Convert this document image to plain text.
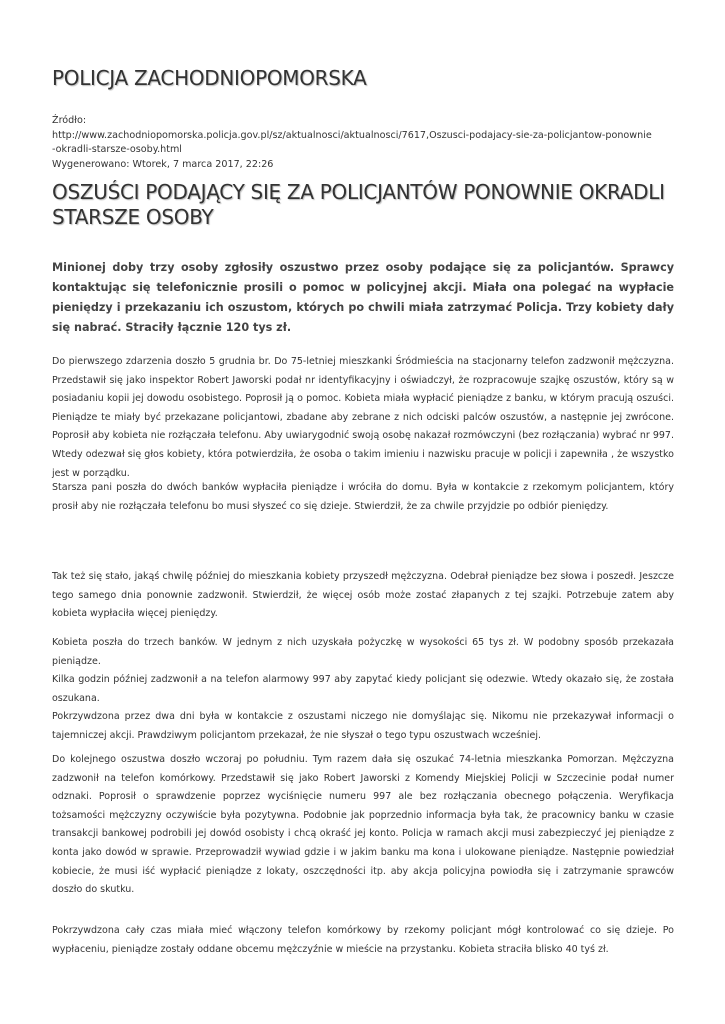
POLICJA ZACHODNIOPOMORSKA
Źródło:
http://www.zachodniopomorska.policja.gov.pl/sz/aktualnosci/aktualnosci/7617,Oszusci-podajacy-sie-za-policjantow-ponownie
-okradli-starsze-osoby.html
Wygenerowano: Wtorek, 7 marca 2017, 22:26
OSZUŚCI PODAJĄCY SIĘ ZA POLICJANTÓW PONOWNIE OKRADLI STARSZE OSOBY

Minionej doby trzy osoby zgłosiły oszustwo przez osoby podające się za policjantów. Sprawcy kontaktując się telefonicznie prosili o pomoc w policyjnej akcji. Miała ona polegać na wypłacie pieniędzy i przekazaniu ich oszustom, których po chwili miała zatrzymać Policja. Trzy kobiety dały się nabrać. Straciły łącznie 120 tys zł.

Do pierwszego zdarzenia doszło 5 grudnia br. Do 75-letniej mieszkanki Śródmieścia na stacjonarny telefon zadzwonił mężczyzna. Przedstawił się jako inspektor Robert Jaworski podał nr identyfikacyjny i oświadczył, że rozpracowuje szajkę oszustów, który są w posiadaniu kopii jej dowodu osobistego. Poprosił ją o pomoc. Kobieta miała wypłacić pieniądze z banku, w którym pracują oszuści. Pieniądze te miały być przekazane policjantowi, zbadane aby zebrane z nich odciski palców oszustów, a następnie jej zwrócone. Poprosił aby kobieta nie rozłączała telefonu. Aby uwiarygodnić swoją osobę nakazał rozmówczyni (bez rozłączania) wybrać nr 997. Wtedy odezwał się głos kobiety, która potwierdziła, że osoba o takim imieniu i nazwisku pracuje w policji i zapewniła , że wszystko jest w porządku.

Starsza pani poszła do dwóch banków wypłaciła pieniądze i wróciła do domu. Była w kontakcie z rzekomym policjantem, który prosił aby nie rozłączała telefonu bo musi słyszeć co się dzieje. Stwierdził, że za chwile przyjdzie po odbiór pieniędzy.

Tak też się stało, jakąś chwilę później do mieszkania kobiety przyszedł mężczyzna. Odebrał pieniądze bez słowa i poszedł. Jeszcze tego samego dnia ponownie zadzwonił. Stwierdził, że więcej osób może zostać złapanych z tej szajki. Potrzebuje zatem aby kobieta wypłaciła więcej pieniędzy.

Kobieta poszła do trzech banków. W jednym z nich uzyskała pożyczkę w wysokości 65 tys zł. W podobny sposób przekazała pieniądze.
Kilka godzin później zadzwonił a na telefon alarmowy 997 aby zapytać kiedy policjant się odezwie. Wtedy okazało się, że została oszukana.
Pokrzywdzona przez dwa dni była w kontakcie z oszustami niczego nie domyślając się. Nikomu nie przekazywał informacji o tajemniczej akcji. Prawdziwym policjantom przekazał, że nie słyszał o tego typu oszustwach wcześniej.

Do kolejnego oszustwa doszło wczoraj po południu. Tym razem dała się oszukać 74-letnia mieszkanka Pomorzan. Mężczyzna zadzwonił na telefon komórkowy. Przedstawił się jako Robert Jaworski z Komendy Miejskiej Policji w Szczecinie podał numer odznaki. Poprosił o sprawdzenie poprzez wyciśnięcie numeru 997 ale bez rozłączania obecnego połączenia. Weryfikacja tożsamości mężczyzny oczywiście była pozytywna. Podobnie jak poprzednio informacja była tak, że pracownicy banku w czasie transakcji bankowej podrobili jej dowód osobisty i chcą okraść jej konto. Policja w ramach akcji musi zabezpieczyć jej pieniądze z konta jako dowód w sprawie. Przeprowadził wywiad gdzie i w jakim banku ma kona i ulokowane pieniądze. Następnie powiedział kobiecie, że musi iść wypłacić pieniądze z lokaty, oszczędności itp. aby akcja policyjna powiodła się i zatrzymanie sprawców doszło do skutku.

Pokrzywdzona cały czas miała mieć włączony telefon komórkowy by rzekomy policjant mógł kontrolować co się dzieje. Po wypłaceniu, pieniądze zostały oddane obcemu mężczyźnie w mieście na przystanku. Kobieta straciła blisko 40 tyś zł.
